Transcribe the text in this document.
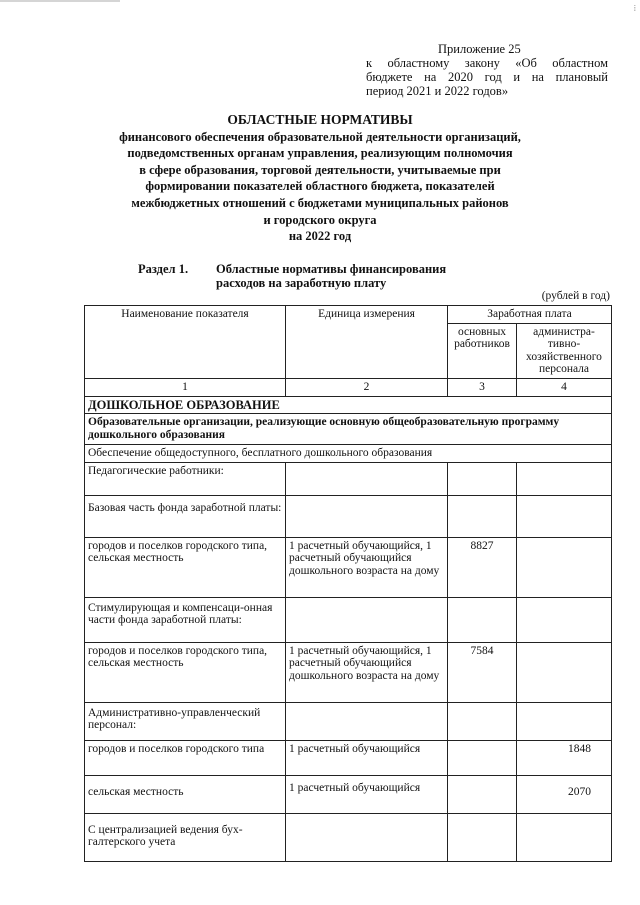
⁞
Приложение 25
к областному закону «Об областном
бюджете на 2020 год и на плановый
период 2021 и 2022 годов»
ОБЛАСТНЫЕ НОРМАТИВЫ
финансового обеспечения образовательной деятельности организаций,
подведомственных органам управления, реализующим полномочия
в сфере образования, торговой деятельности, учитываемые при
формировании показателей областного бюджета, показателей
межбюджетных отношений с бюджетами муниципальных районов
и городского округа
на 2022 год
Раздел 1. Областные нормативы финансирования
расходов на заработную плату
(рублей в год)
Наименование показателя	Единица измерения	Заработная плата	
		основных работников	администра-тивно-хозяйственного персонала
1	2	3	4
ДОШКОЛЬНОЕ ОБРАЗОВАНИЕ			
Образовательные организации, реализующие основную общеобразовательную программу дошкольного образования			
Обеспечение общедоступного, бесплатного дошкольного образования			
Педагогические работники:			
Базовая часть фонда заработной платы:			
городов и поселков городского типа, сельская местность	1 расчетный обучающийся, 1 расчетный обучающийся дошкольного возраста на дому	8827	
Стимулирующая и компенсаци-онная части фонда заработной платы:			
городов и поселков городского типа, сельская местность	1 расчетный обучающийся, 1 расчетный обучающийся дошкольного возраста на дому	7584	
Административно-управленческий персонал:			
городов и поселков городского типа	1 расчетный обучающийся		1848
сельская местность	1 расчетный обучающийся		2070
С централизацией ведения бух-галтерского учета			
